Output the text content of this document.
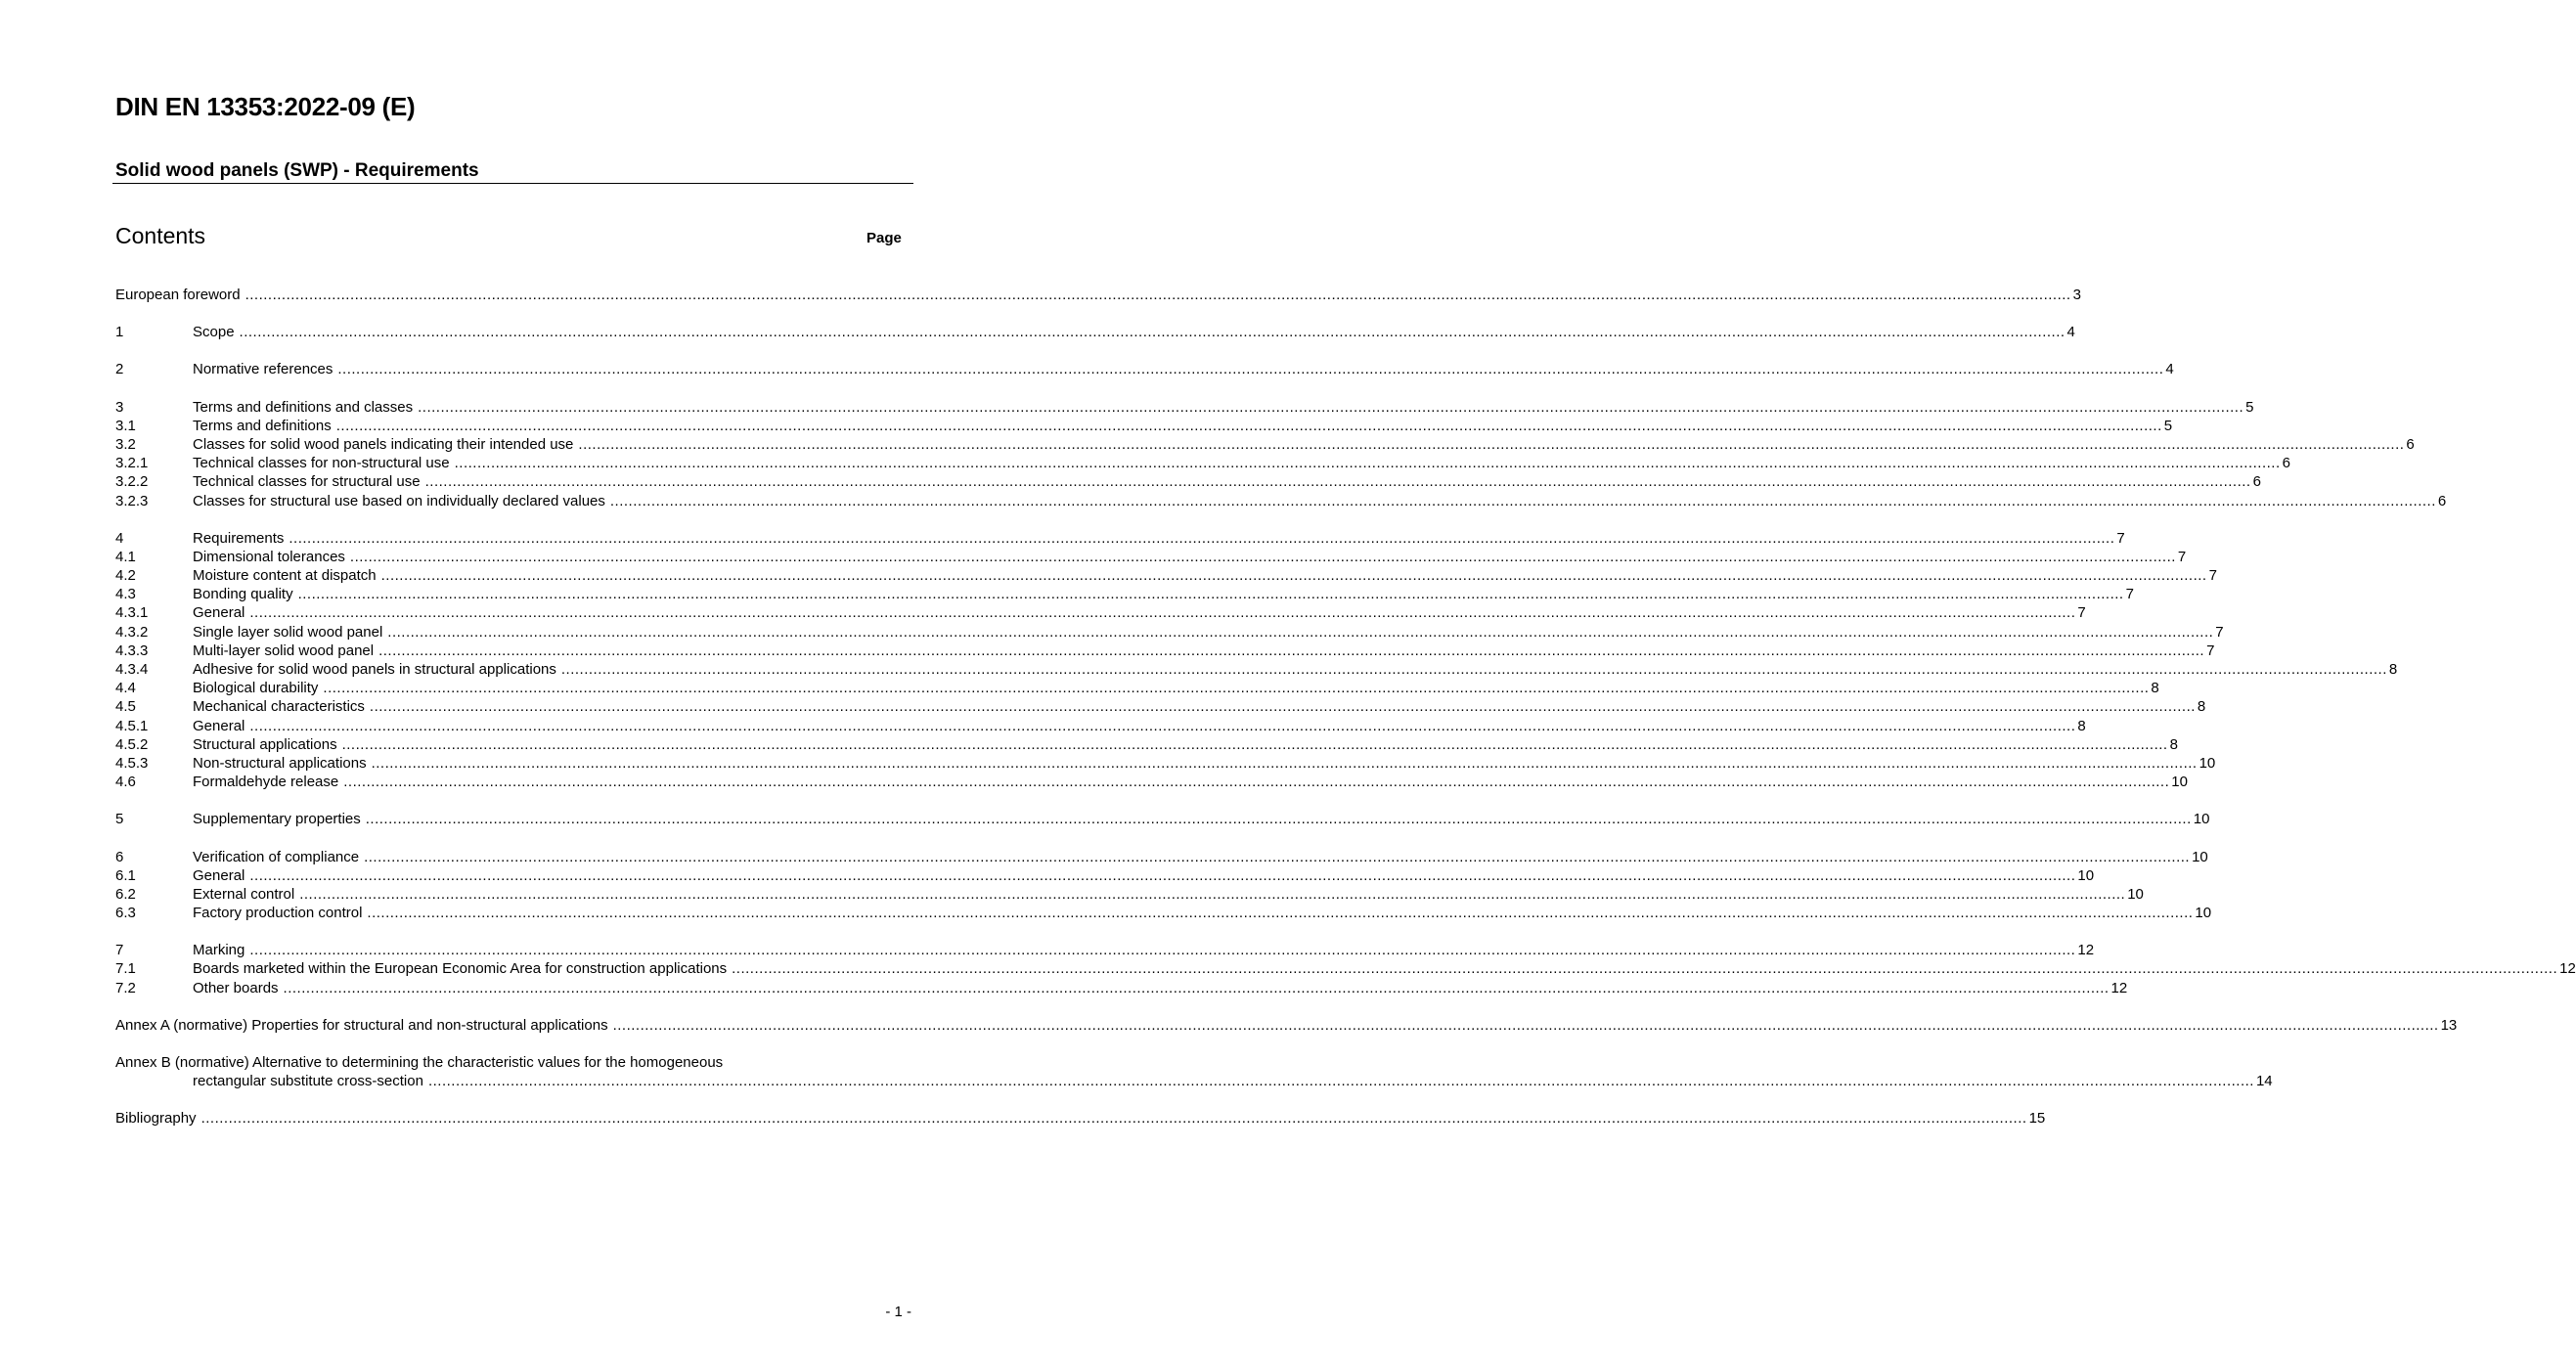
DIN EN 13353:2022-09 (E)
Solid wood panels (SWP) - Requirements
Contents	Page
European foreword ................................................................................................................................................................................................................................................................................................................................................................................................................ 3
1	Scope ................................................................................................................................................................................................................................................................................................................................................................................................................ 4
2	Normative references ................................................................................................................................................................................................................................................................................................................................................................................................................ 4
3	Terms and definitions and classes ................................................................................................................................................................................................................................................................................................................................................................................................................ 5
3.1	Terms and definitions ................................................................................................................................................................................................................................................................................................................................................................................................................ 5
3.2	Classes for solid wood panels indicating their intended use ................................................................................................................................................................................................................................................................................................................................................................................................................ 6
3.2.1	Technical classes for non-structural use ................................................................................................................................................................................................................................................................................................................................................................................................................ 6
3.2.2	Technical classes for structural use ................................................................................................................................................................................................................................................................................................................................................................................................................ 6
3.2.3	Classes for structural use based on individually declared values ................................................................................................................................................................................................................................................................................................................................................................................................................ 6
4	Requirements ................................................................................................................................................................................................................................................................................................................................................................................................................ 7
4.1	Dimensional tolerances ................................................................................................................................................................................................................................................................................................................................................................................................................ 7
4.2	Moisture content at dispatch ................................................................................................................................................................................................................................................................................................................................................................................................................ 7
4.3	Bonding quality ................................................................................................................................................................................................................................................................................................................................................................................................................ 7
4.3.1	General ................................................................................................................................................................................................................................................................................................................................................................................................................ 7
4.3.2	Single layer solid wood panel ................................................................................................................................................................................................................................................................................................................................................................................................................ 7
4.3.3	Multi-layer solid wood panel ................................................................................................................................................................................................................................................................................................................................................................................................................ 7
4.3.4	Adhesive for solid wood panels in structural applications ................................................................................................................................................................................................................................................................................................................................................................................................................ 8
4.4	Biological durability ................................................................................................................................................................................................................................................................................................................................................................................................................ 8
4.5	Mechanical characteristics ................................................................................................................................................................................................................................................................................................................................................................................................................ 8
4.5.1	General ................................................................................................................................................................................................................................................................................................................................................................................................................ 8
4.5.2	Structural applications ................................................................................................................................................................................................................................................................................................................................................................................................................ 8
4.5.3	Non-structural applications ................................................................................................................................................................................................................................................................................................................................................................................................................ 10
4.6	Formaldehyde release ................................................................................................................................................................................................................................................................................................................................................................................................................ 10
5	Supplementary properties ................................................................................................................................................................................................................................................................................................................................................................................................................ 10
6	Verification of compliance ................................................................................................................................................................................................................................................................................................................................................................................................................ 10
6.1	General ................................................................................................................................................................................................................................................................................................................................................................................................................ 10
6.2	External control ................................................................................................................................................................................................................................................................................................................................................................................................................ 10
6.3	Factory production control ................................................................................................................................................................................................................................................................................................................................................................................................................ 10
7	Marking ................................................................................................................................................................................................................................................................................................................................................................................................................ 12
7.1	Boards marketed within the European Economic Area for construction applications ................................................................................................................................................................................................................................................................................................................................................................................................................ 12
7.2	Other boards ................................................................................................................................................................................................................................................................................................................................................................................................................ 12
Annex A (normative) Properties for structural and non-structural applications ................................................................................................................................................................................................................................................................................................................................................................................................................ 13
Annex B (normative) Alternative to determining the characteristic values for the homogeneous
rectangular substitute cross-section ................................................................................................................................................................................................................................................................................................................................................................................................................ 14
Bibliography ................................................................................................................................................................................................................................................................................................................................................................................................................ 15
- 1 -
